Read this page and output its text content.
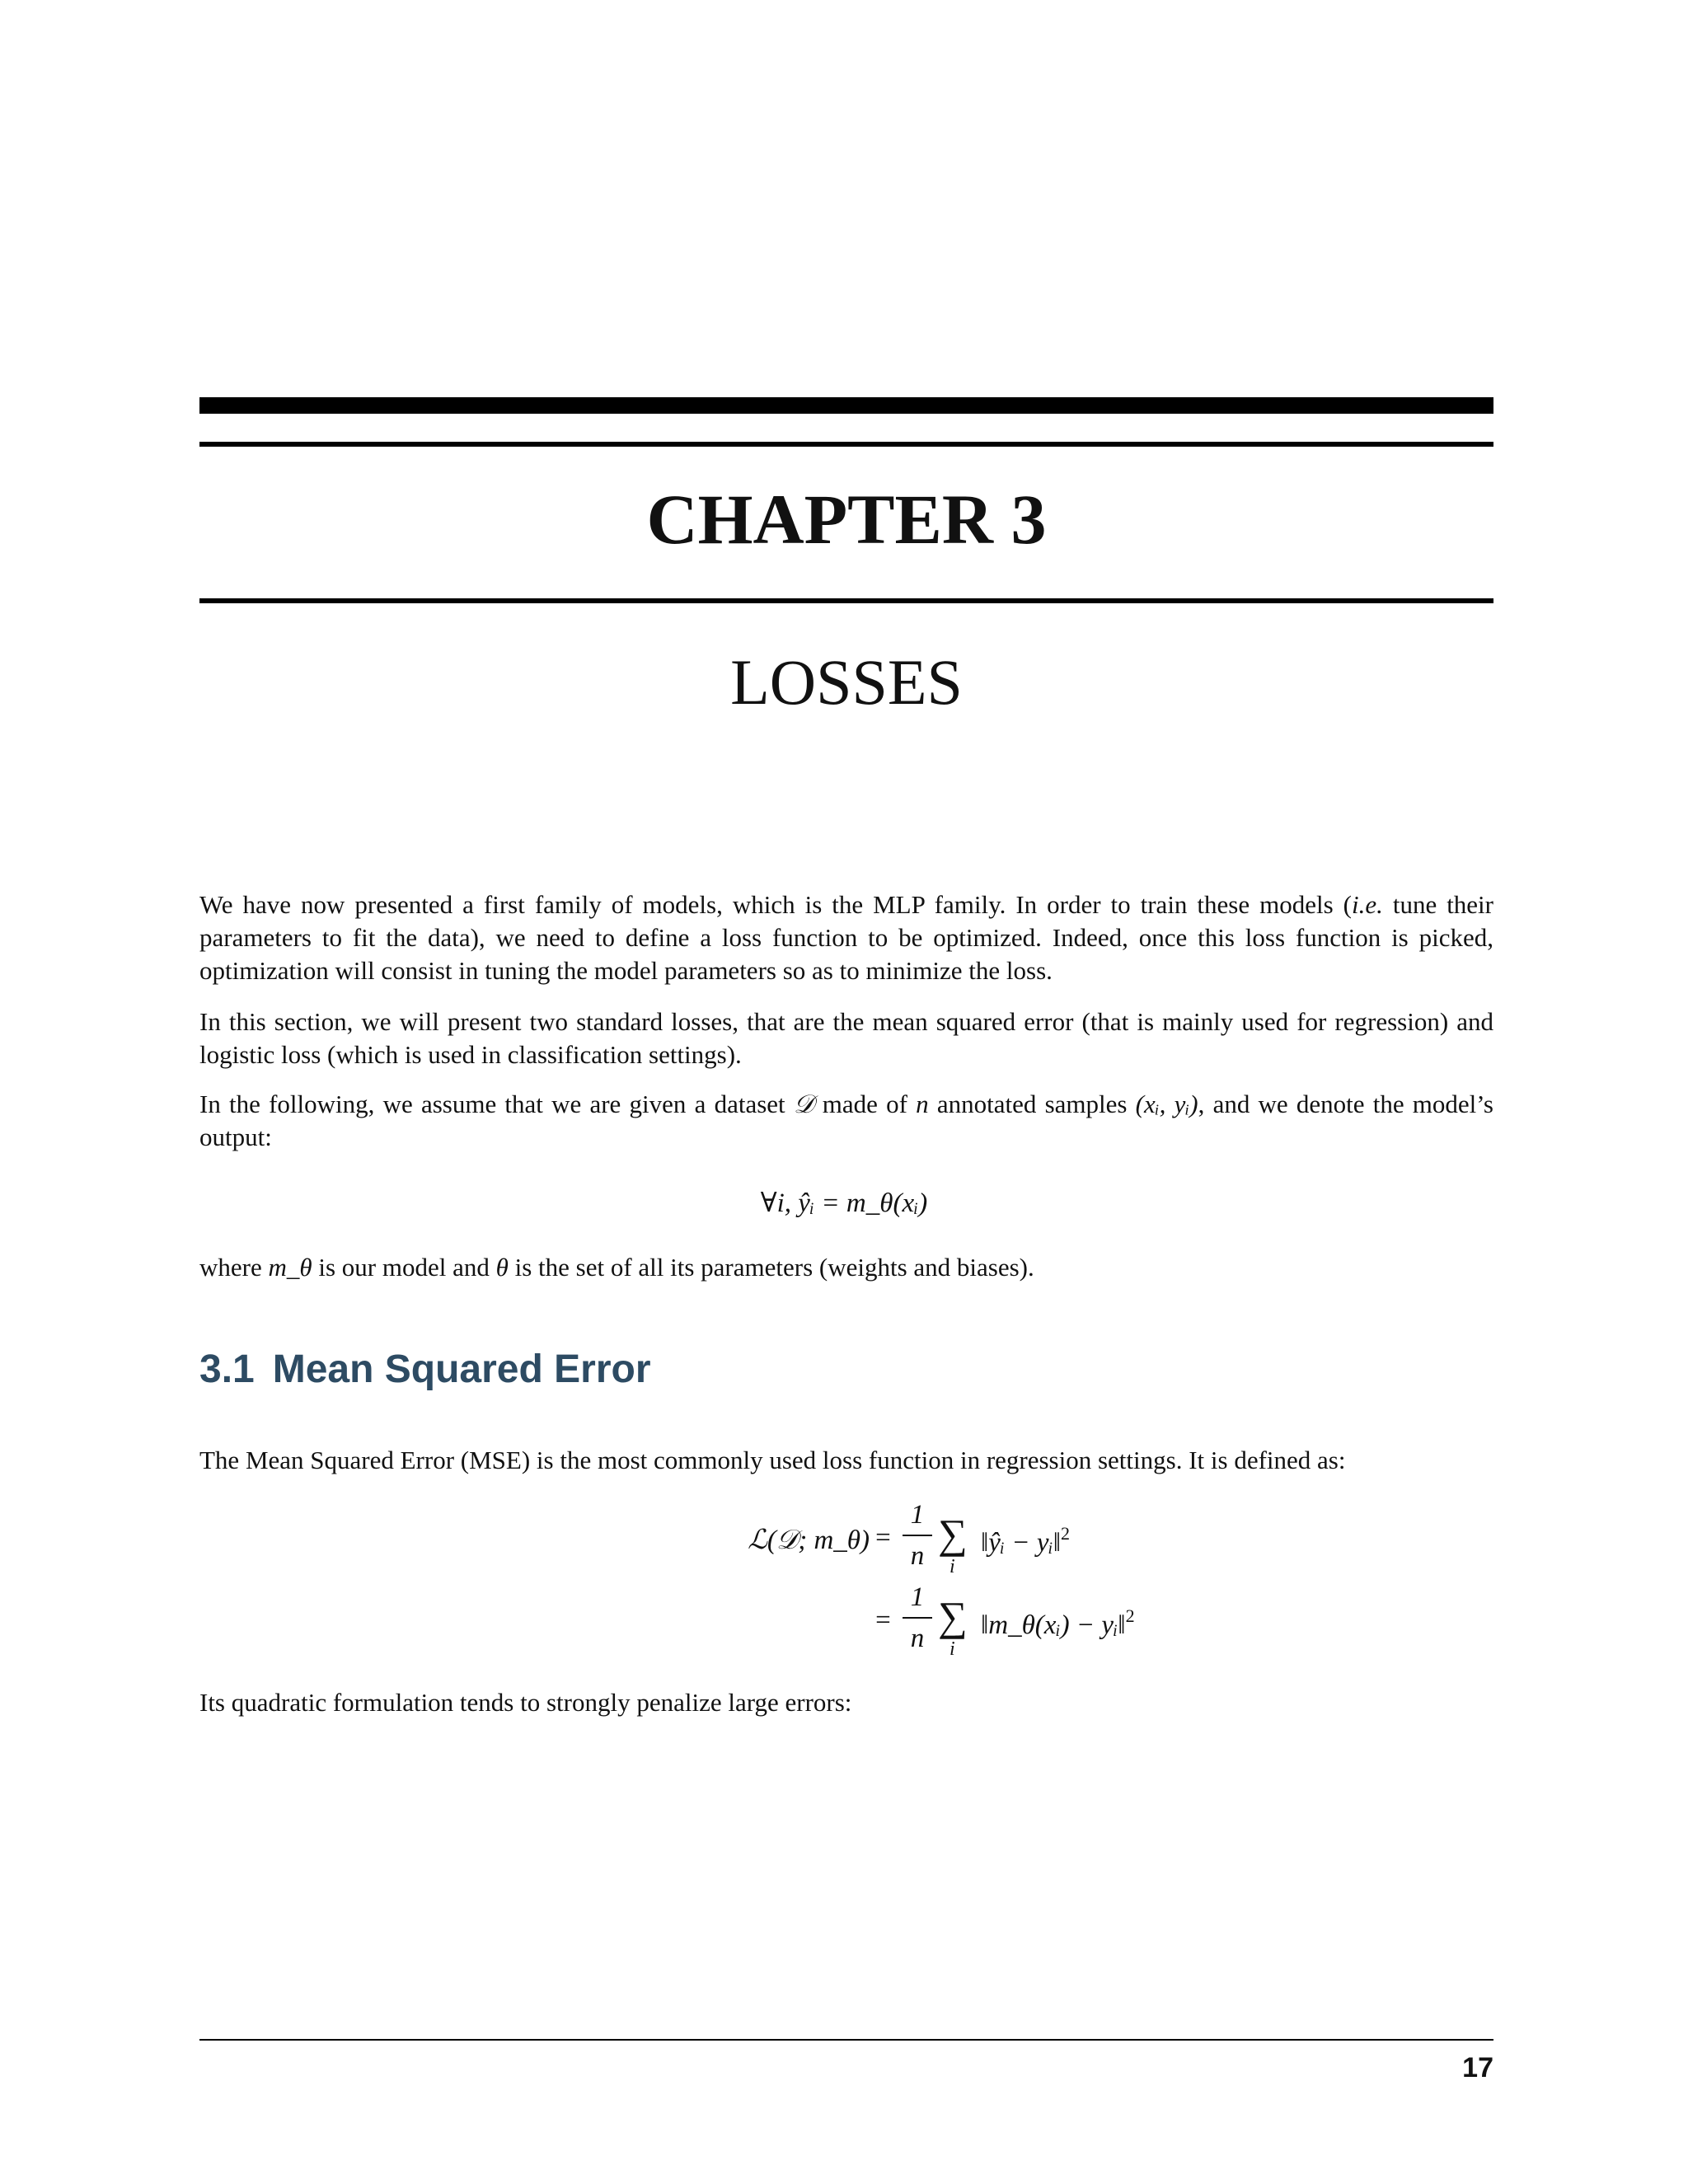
CHAPTER 3
LOSSES

We have now presented a first family of models, which is the MLP family. In order to train these models (i.e. tune their parameters to fit the data), we need to define a loss function to be optimized. Indeed, once this loss function is picked, optimization will consist in tuning the model parameters so as to minimize the loss.

In this section, we will present two standard losses, that are the mean squared error (that is mainly used for regression) and logistic loss (which is used in classification settings).

In the following, we assume that we are given a dataset 𝒟 made of n annotated samples (xᵢ, yᵢ), and we denote the model’s output:

∀i, ŷᵢ = m_θ(xᵢ)

where m_θ is our model and θ is the set of all its parameters (weights and biases).

3.1 Mean Squared Error

The Mean Squared Error (MSE) is the most commonly used loss function in regression settings. It is defined as:

ℒ(𝒟; m_θ) =
1
n ∑
i
‖ŷᵢ − yᵢ‖$^2$
=
1
n ∑
i
‖m_θ(xᵢ) − yᵢ‖$^2$

Its quadratic formulation tends to strongly penalize large errors:

17
